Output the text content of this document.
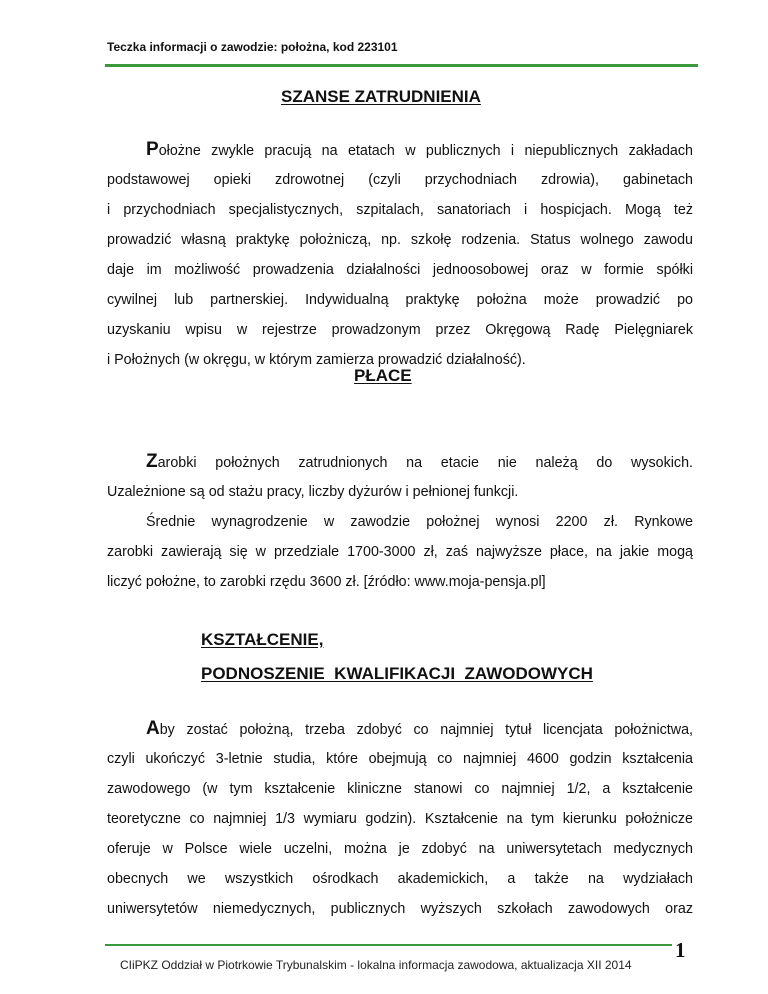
Teczka informacji o zawodzie: położna, kod 223101
SZANSE ZATRUDNIENIA
Położne zwykle pracują na etatach w publicznych i niepublicznych zakładach
podstawowej opieki zdrowotnej (czyli przychodniach zdrowia), gabinetach
i przychodniach specjalistycznych, szpitalach, sanatoriach i hospicjach. Mogą też
prowadzić własną praktykę położniczą, np. szkołę rodzenia. Status wolnego zawodu
daje im możliwość prowadzenia działalności jednoosobowej oraz w formie spółki
cywilnej lub partnerskiej. Indywidualną praktykę położna może prowadzić po
uzyskaniu wpisu w rejestrze prowadzonym przez Okręgową Radę Pielęgniarek
i Położnych (w okręgu, w którym zamierza prowadzić działalność).
PŁACE
Zarobki położnych zatrudnionych na etacie nie należą do wysokich.
Uzależnione są od stażu pracy, liczby dyżurów i pełnionej funkcji.
Średnie wynagrodzenie w zawodzie położnej wynosi 2200 zł. Rynkowe
zarobki zawierają się w przedziale 1700-3000 zł, zaś najwyższe płace, na jakie mogą
liczyć położne, to zarobki rzędu 3600 zł. [źródło: www.moja-pensja.pl]
KSZTAŁCENIE,
PODNOSZENIE  KWALIFIKACJI  ZAWODOWYCH
Aby zostać położną, trzeba zdobyć co najmniej tytuł licencjata położnictwa,
czyli ukończyć 3-letnie studia, które obejmują co najmniej 4600 godzin kształcenia
zawodowego (w tym kształcenie kliniczne stanowi co najmniej 1/2, a kształcenie
teoretyczne co najmniej 1/3 wymiaru godzin). Kształcenie na tym kierunku położnicze
oferuje w Polsce wiele uczelni, można je zdobyć na uniwersytetach medycznych
obecnych we wszystkich ośrodkach akademickich, a także na wydziałach
uniwersytetów niemedycznych, publicznych wyższych szkołach zawodowych oraz
CIiPKZ Oddział w Piotrkowie Trybunalskim - lokalna informacja zawodowa, aktualizacja XII 2014
1
